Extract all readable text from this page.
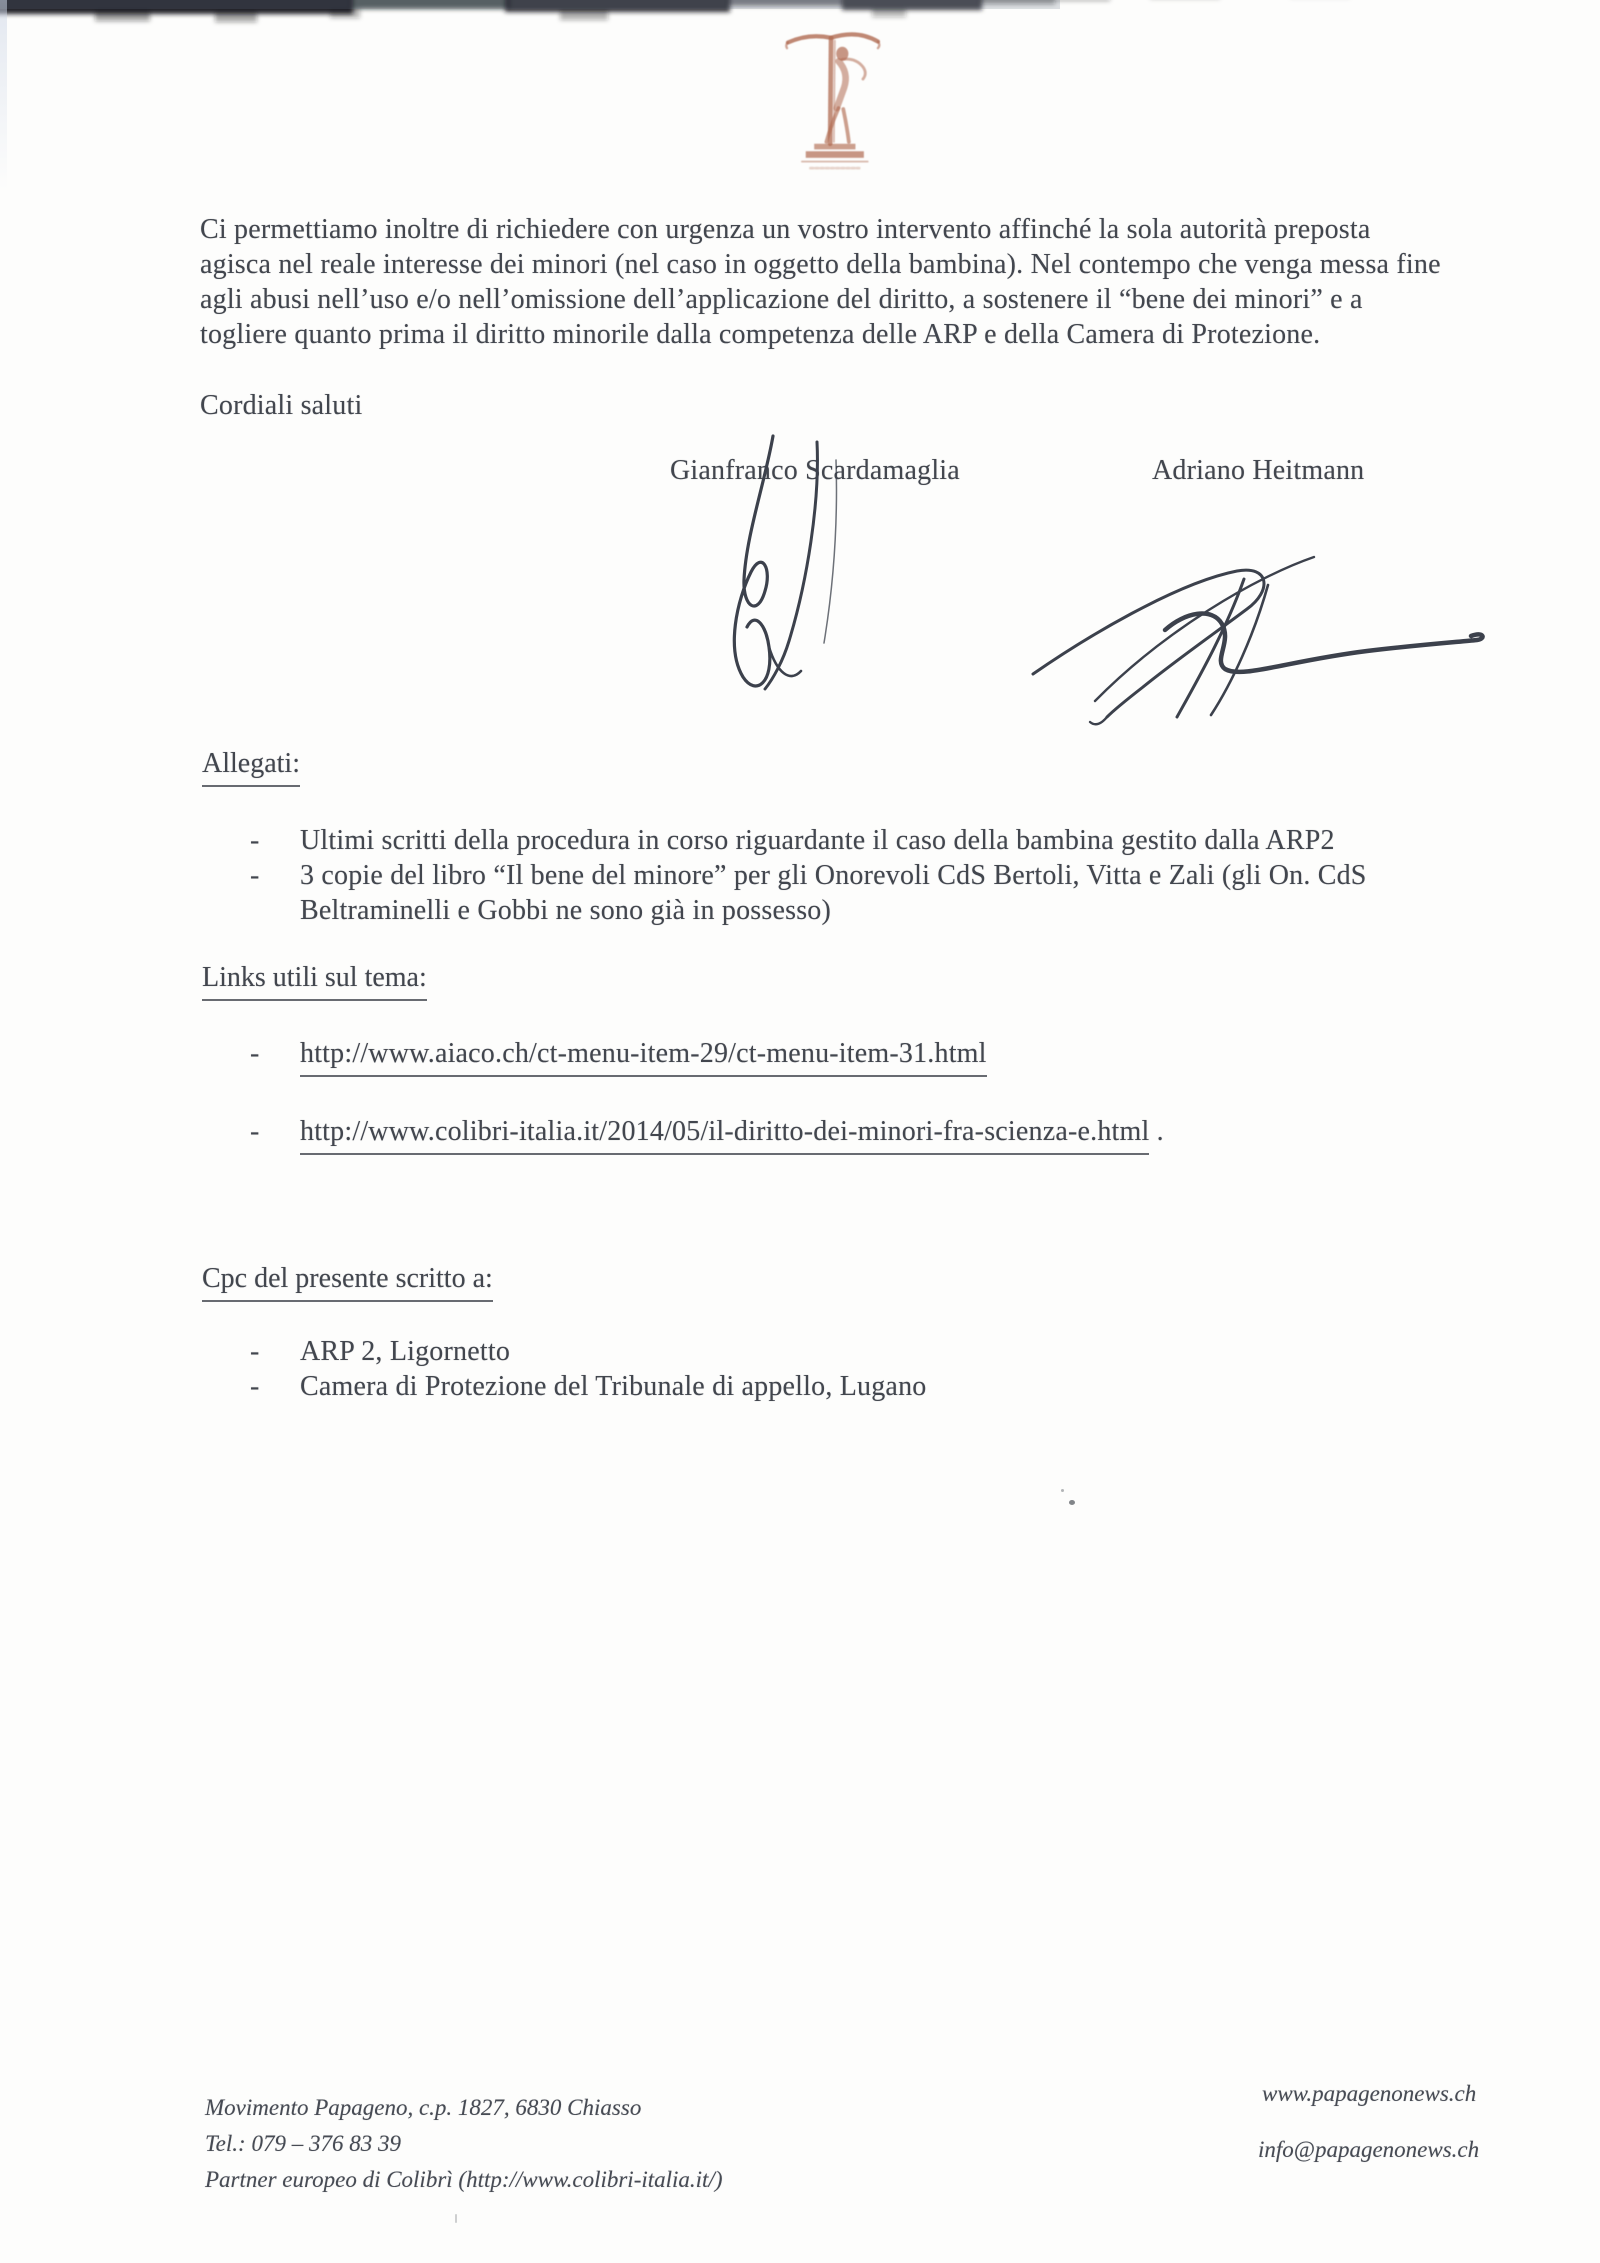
Ci permettiamo inoltre di richiedere con urgenza un vostro intervento affinché la sola autorità preposta
agisca nel reale interesse dei minori (nel caso in oggetto della bambina). Nel contempo che venga messa fine
agli abusi nell’uso e/o nell’omissione dell’applicazione del diritto, a sostenere il “bene dei minori” e a
togliere quanto prima il diritto minorile dalla competenza delle ARP e della Camera di Protezione.
Cordiali saluti
Gianfranco Scardamaglia	Adriano Heitmann
Allegati:
- Ultimi scritti della procedura in corso riguardante il caso della bambina gestito dalla ARP2
- 3 copie del libro “Il bene del minore” per gli Onorevoli CdS Bertoli, Vitta e Zali (gli On. CdS
Beltraminelli e Gobbi ne sono già in possesso)
Links utili sul tema:
- http://www.aiaco.ch/ct-menu-item-29/ct-menu-item-31.html
- http://www.colibri-italia.it/2014/05/il-diritto-dei-minori-fra-scienza-e.html .
Cpc del presente scritto a:
- ARP 2, Ligornetto
- Camera di Protezione del Tribunale di appello, Lugano
Movimento Papageno, c.p. 1827, 6830 Chiasso
Tel.: 079 – 376 83 39
Partner europeo di Colibrì (http://www.colibri-italia.it/)
www.papagenonews.ch
info@papagenonews.ch
